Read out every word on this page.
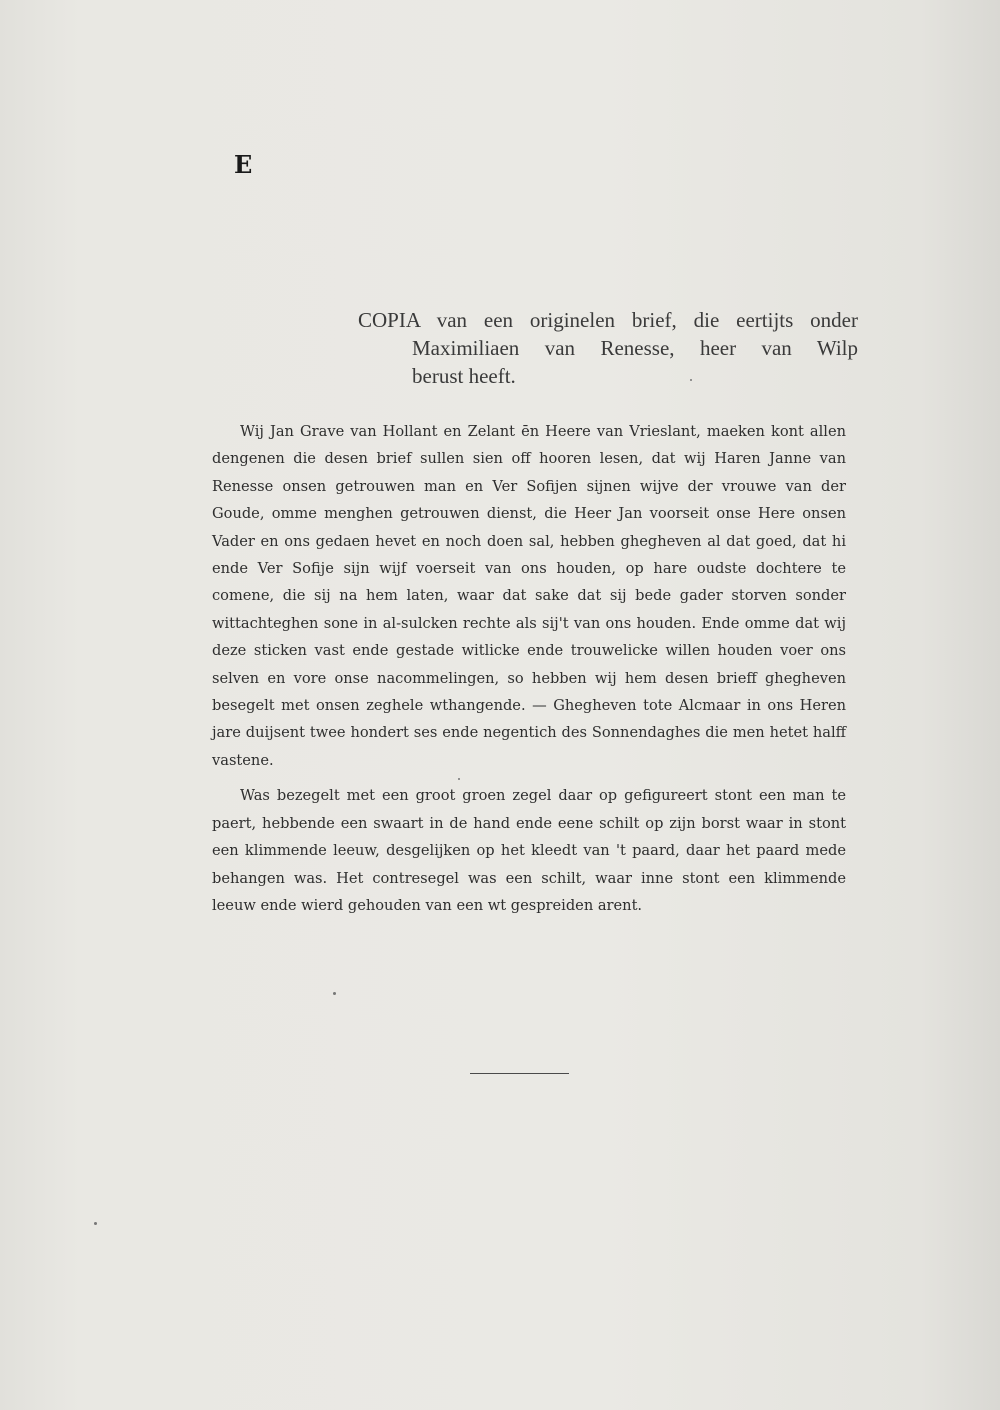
E
COPIA van een originelen brief, die eertijts onder
Maximiliaen van Renesse, heer van Wilp
berust heeft.

Wij Jan Grave van Hollant en Zelant ēn Heere van Vrieslant, maeken kont allen dengenen die desen brief sullen sien off hooren lesen, dat wij Haren Janne van Renesse onsen getrouwen man en Ver Sofijen sijnen wijve der vrouwe van der Goude, omme menghen getrouwen dienst, die Heer Jan voorseit onse Here onsen Vader en ons gedaen hevet en noch doen sal, hebben ghegheven al dat goed, dat hi ende Ver Sofije sijn wijf voerseit van ons houden, op hare oudste dochtere te comene, die sij na hem laten, waar dat sake dat sij bede gader storven sonder wittachteghen sone in al-sulcken rechte als sij't van ons houden. Ende omme dat wij deze sticken vast ende gestade witlicke ende trouwelicke willen houden voer ons selven en vore onse nacommelingen, so hebben wij hem desen brieff ghegheven besegelt met onsen zeghele wthangende. — Ghegheven tote Alcmaar in ons Heren jare duijsent twee hondert ses ende negentich des Sonnendaghes die men hetet halff vastene.

Was bezegelt met een groot groen zegel daar op gefigureert stont een man te paert, hebbende een swaart in de hand ende eene schilt op zijn borst waar in stont een klimmende leeuw, desgelijken op het kleedt van 't paard, daar het paard mede behangen was. Het contresegel was een schilt, waar inne stont een klimmende leeuw ende wierd gehouden van een wt gespreiden arent.
